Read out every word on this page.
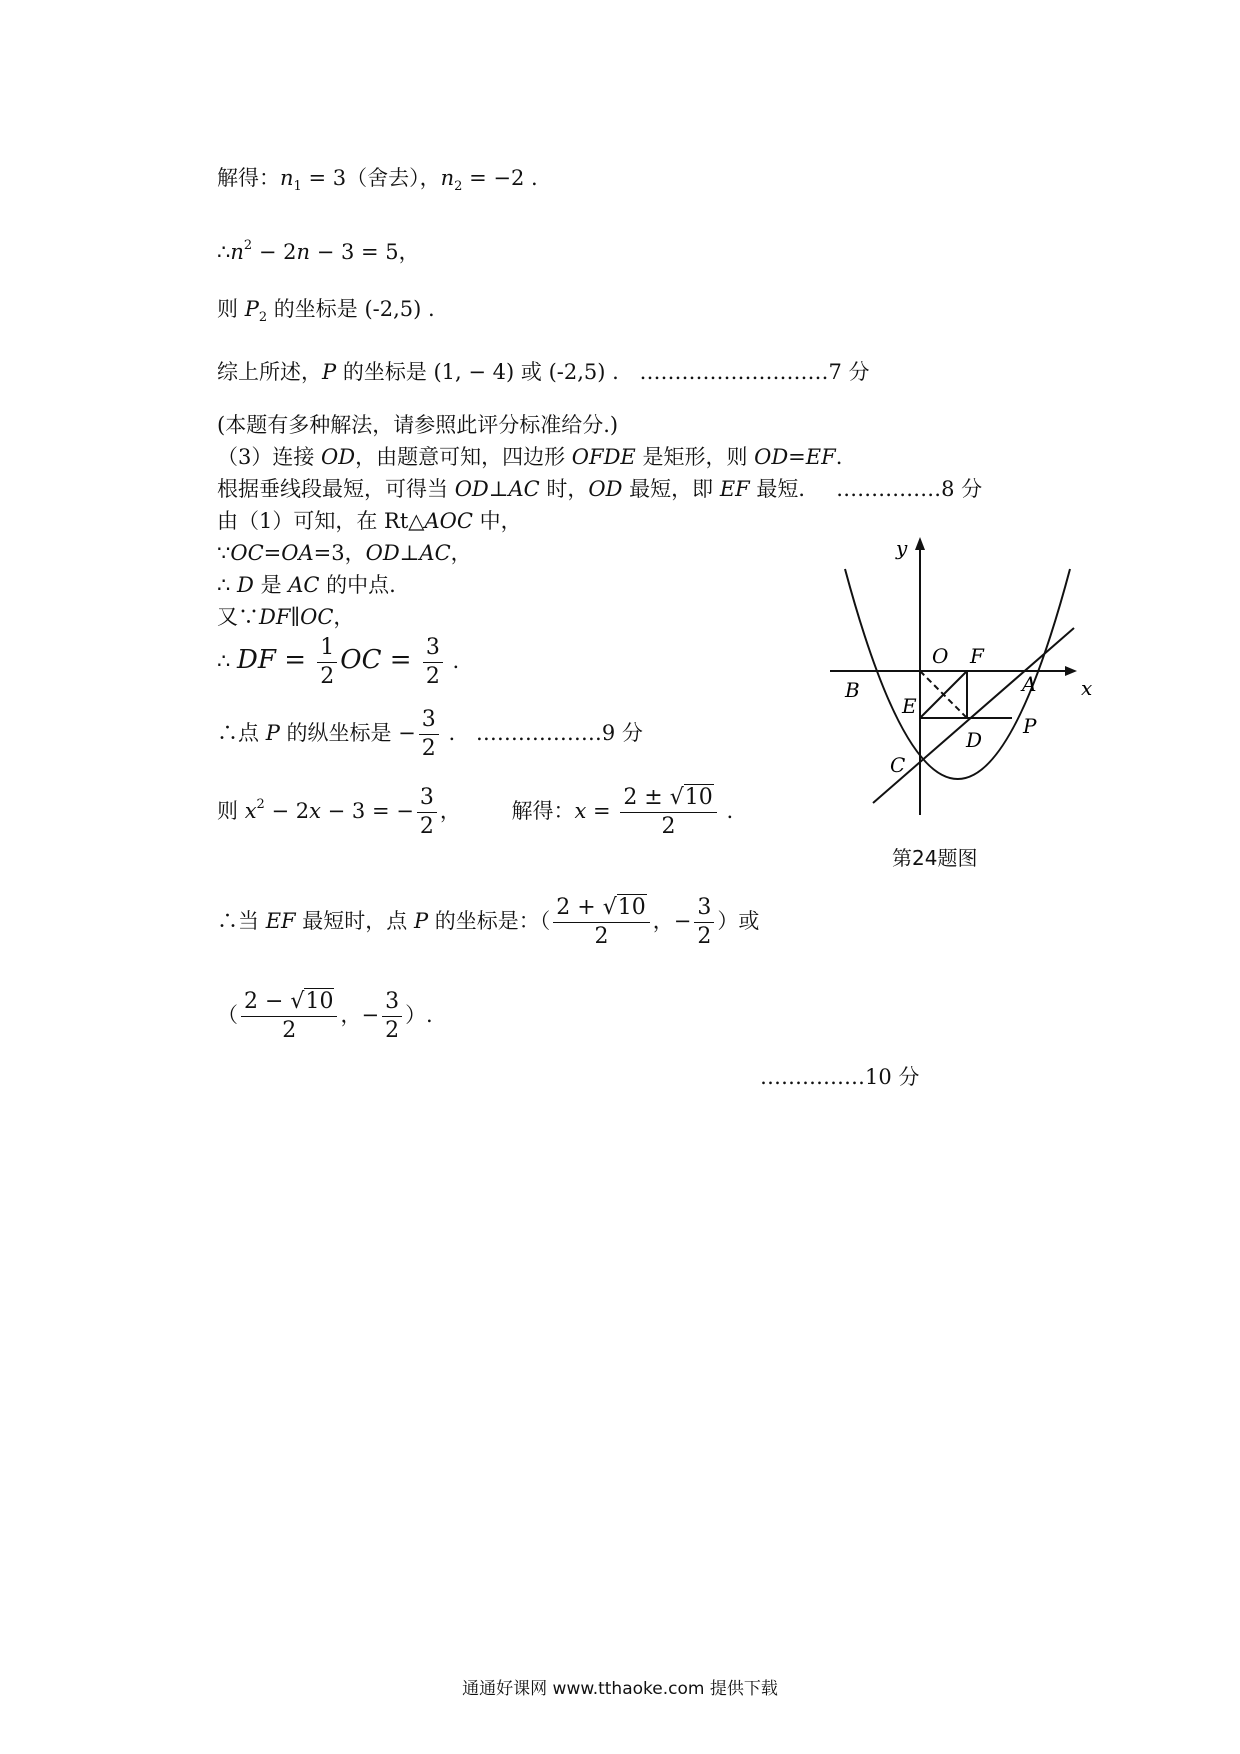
解得：$n_1 = 3$（舍去），$n_2 = -2$ .
$\therefore n^2 - 2n - 3 = 5$，
则 $P_2$ 的坐标是 (-2,5) .
综上所述，P 的坐标是 (1, − 4) 或 (-2,5) . ………………………7 分
(本题有多种解法，请参照此评分标准给分.)
（3）连接 OD，由题意可知，四边形 OFDE 是矩形，则 OD=EF.
根据垂线段最短，可得当 OD⊥AC 时，OD 最短，即 EF 最短． ……………8 分
由（1）可知，在 Rt△AOC 中，
∵OC=OA=3，OD⊥AC，
∴ D 是 AC 的中点.
又∵DF∥OC，
∴ DF = $\frac{1}{2}$ OC = $\frac{3}{2}$ .
∴点 P 的纵坐标是 − $\frac{3}{2}$ . ………………9 分
则 $x^2 - 2x - 3$ = − $\frac{3}{2}$ ， 解得：$x = \frac{2 \pm √10}{2}$ .
∴当 EF 最短时，点 P 的坐标是：（ $\frac{2 + √10}{2}$ ，− $\frac{3}{2}$ ）或
（ $\frac{2 - √10}{2}$ ，− $\frac{3}{2}$ ）.
……………10 分
y
x
O F
A
B
E
P
D
C
第24题图
通通好课网 www.tthaoke.com 提供下载
